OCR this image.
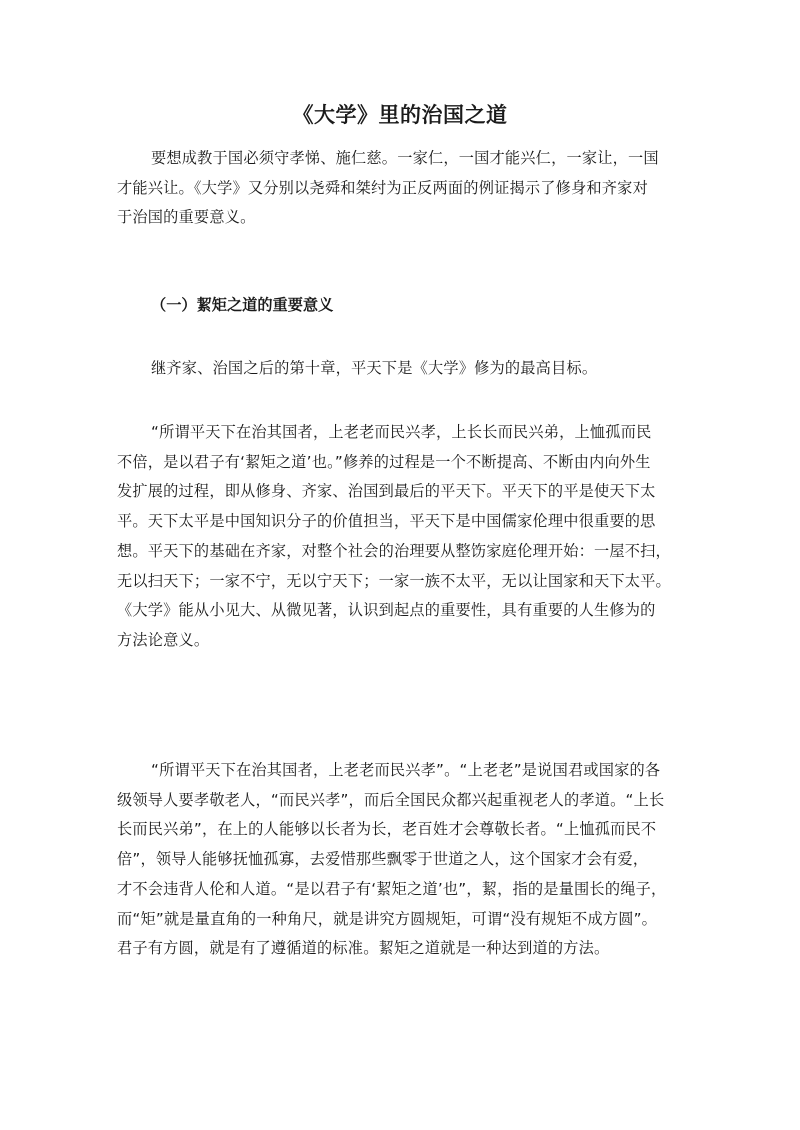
《大学》里的治国之道
要想成教于国必须守孝悌、施仁慈。一家仁，一国才能兴仁，一家让，一国
才能兴让。《大学》又分别以尧舜和桀纣为正反两面的例证揭示了修身和齐家对
于治国的重要意义。
（一）絜矩之道的重要意义
继齐家、治国之后的第十章，平天下是《大学》修为的最高目标。
“所谓平天下在治其国者，上老老而民兴孝，上长长而民兴弟，上恤孤而民
不倍，是以君子有‘絜矩之道’也。”修养的过程是一个不断提高、不断由内向外生
发扩展的过程，即从修身、齐家、治国到最后的平天下。平天下的平是使天下太
平。天下太平是中国知识分子的价值担当，平天下是中国儒家伦理中很重要的思
想。平天下的基础在齐家，对整个社会的治理要从整饬家庭伦理开始：一屋不扫，
无以扫天下；一家不宁，无以宁天下；一家一族不太平，无以让国家和天下太平。
《大学》能从小见大、从微见著，认识到起点的重要性，具有重要的人生修为的
方法论意义。
“所谓平天下在治其国者，上老老而民兴孝”。“上老老”是说国君或国家的各
级领导人要孝敬老人，“而民兴孝”，而后全国民众都兴起重视老人的孝道。“上长
长而民兴弟”，在上的人能够以长者为长，老百姓才会尊敬长者。“上恤孤而民不
倍”，领导人能够抚恤孤寡，去爱惜那些飘零于世道之人，这个国家才会有爱，
才不会违背人伦和人道。“是以君子有‘絜矩之道’也”，絜，指的是量围长的绳子，
而“矩”就是量直角的一种角尺，就是讲究方圆规矩，可谓“没有规矩不成方圆”。
君子有方圆，就是有了遵循道的标准。絜矩之道就是一种达到道的方法。
